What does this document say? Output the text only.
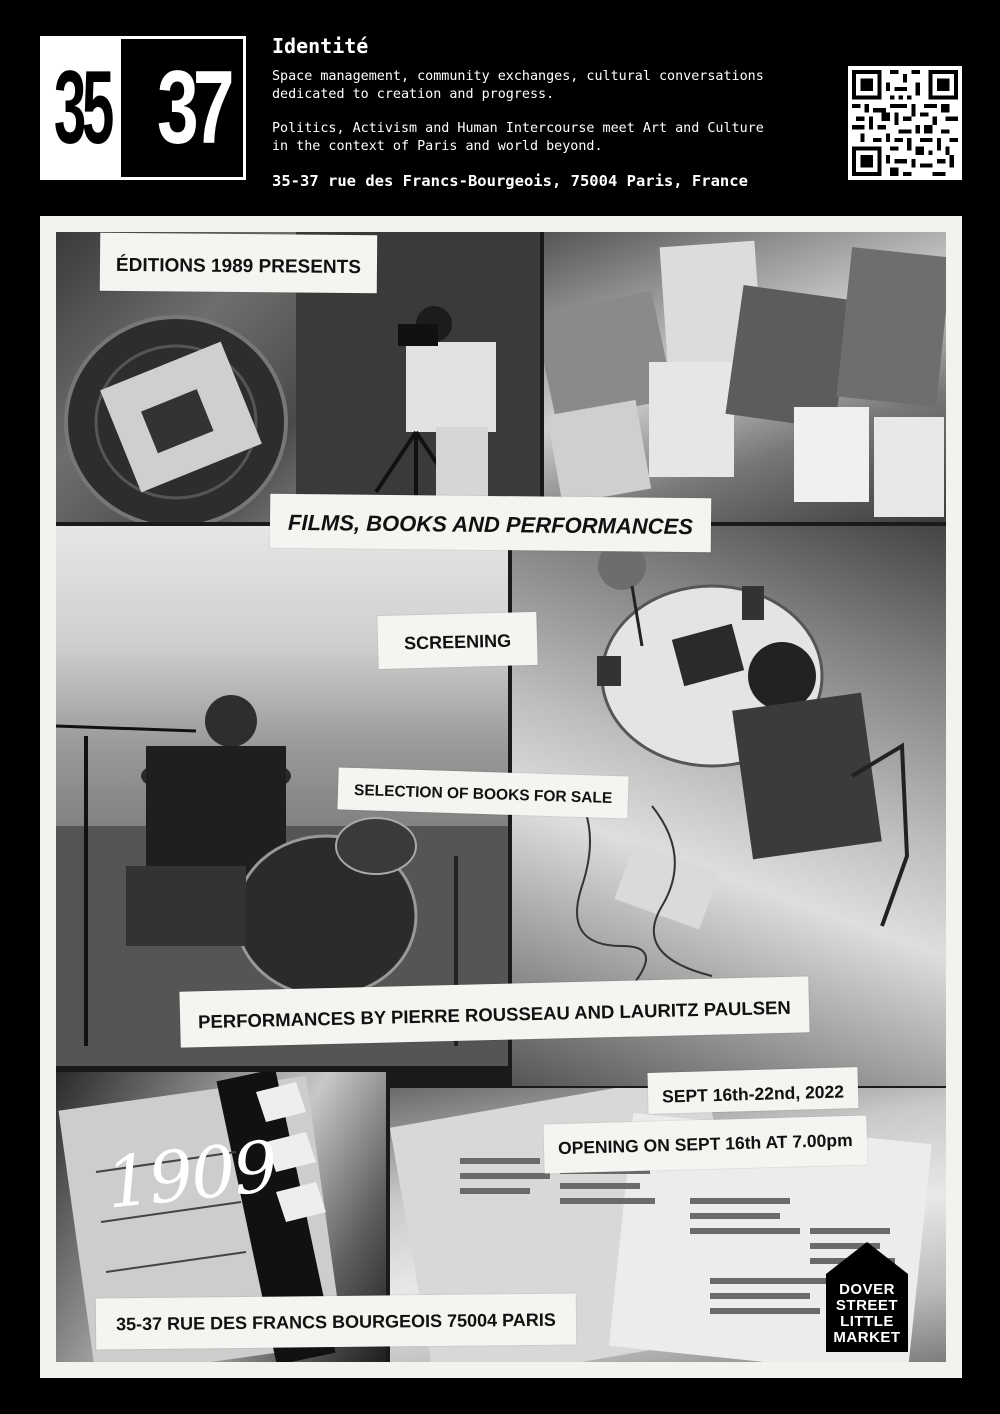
35 37
Identité
Space management, community exchanges, cultural conversations
dedicated to creation and progress.
Politics, Activism and Human Intercourse meet Art and Culture
in the context of Paris and world beyond.
35-37 rue des Francs-Bourgeois, 75004 Paris, France
ÉDITIONS 1989 PRESENTS
FILMS, BOOKS AND PERFORMANCES
SCREENING
SELECTION OF BOOKS FOR SALE
PERFORMANCES BY PIERRE ROUSSEAU AND LAURITZ PAULSEN
SEPT 16th-22nd, 2022
OPENING ON SEPT 16th AT 7.00pm
35-37 RUE DES FRANCS BOURGEOIS 75004 PARIS
1909
DOVER
STREET
LITTLE
MARKET
